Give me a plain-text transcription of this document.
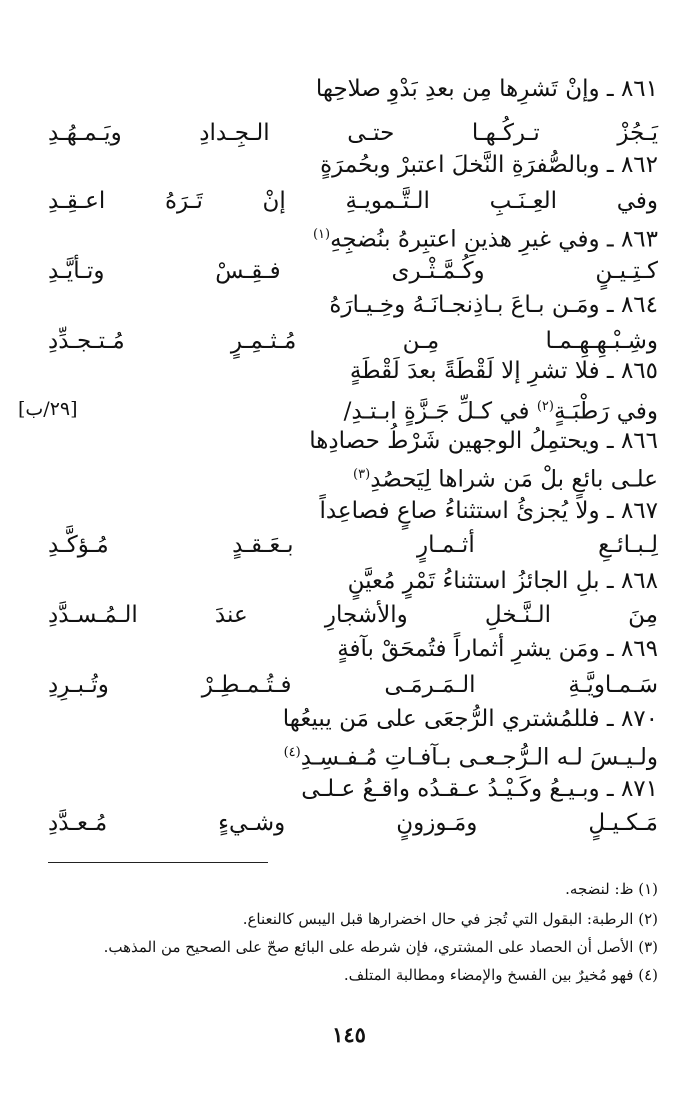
٨٦١ ـ وإنْ تَشرِها مِن بعدِ بَدْوِ صلاحِها
يَـجُزْ تـركُـهـا حتـى الـجِـدادِ ويَـمـهُـدِ
٨٦٢ ـ وبالصُّفرَةِ النَّخلَ اعتبرْ وبحُمرَةٍ
وفي العِـنَـبِ الـتَّـمويـةِ إنْ تَـرَهُ اعـقِـدِ
٨٦٣ ـ وفي غيرِ هذينِ اعتبِرهُ بنُضجِهِ$^{(١)}$
كـتِـيـنٍ وكُـمَّـثْـرى فـقِـسْ وتـأيَّـدِ
٨٦٤ ـ ومَـن بـاعَ بـاذِنجـانَـهُ وخِـيـارَهُ
وشِـبْـهِـهِـمـا مِـن مُـثـمِـرٍ مُـتـجـدِّدِ
٨٦٥ ـ فلا تشرِ إلا لَقْطَةً بعدَ لَقْطَةٍ
وفي رَطْبَـةٍ$^{(٢)}$ في كـلِّ جَـزَّةٍ ابـتـدِ/
[٢٩/ب]
٨٦٦ ـ ويحتمِلُ الوجهين شَرْطُ حصادِها
علـى بائعٍ بلْ مَن شراها لِيَحصُدِ$^{(٣)}$
٨٦٧ ـ ولا يُجزئُ استثناءُ صاعٍ فصاعِداً
لِـبـائـعِ أثـمـارٍ بـعَـقـدٍ مُـؤكَّـدِ
٨٦٨ ـ بلِ الجائزُ استثناءُ تَمْرٍ مُعيَّنٍ
مِنَ الـنَّـخلِ والأشجارِ عندَ الـمُـسـدَّدِ
٨٦٩ ـ ومَن يشرِ أثماراً فتُمحَقْ بآفةٍ
سَـمـاويَّـةِ الـمَـرمَـى فـتُـمـطِـرْ وتُـبـرِدِ
٨٧٠ ـ فللمُشتري الرُّجعَى على مَن يبيعُها
ولـيـسَ لـه الـرُّجـعـى بـآفـاتِ مُـفـسِـدِ$^{(٤)}$
٨٧١ ـ وبـيـعُ وكَـيْـدُ عـقـدُه واقـعُ عـلـى
مَـكـيـلٍ ومَـوزونٍ وشـيءٍ مُـعـدَّدِ
(١) ظ: لنضجه.
(٢) الرطبة: البقول التي تُجز في حال اخضرارها قبل اليبس كالنعناع.
(٣) الأصل أن الحصاد على المشتري، فإن شرطه على البائع صحّ على الصحيح من المذهب.
(٤) فهو مُخيرٌ بين الفسخ والإمضاء ومطالبة المتلف.
١٤٥
